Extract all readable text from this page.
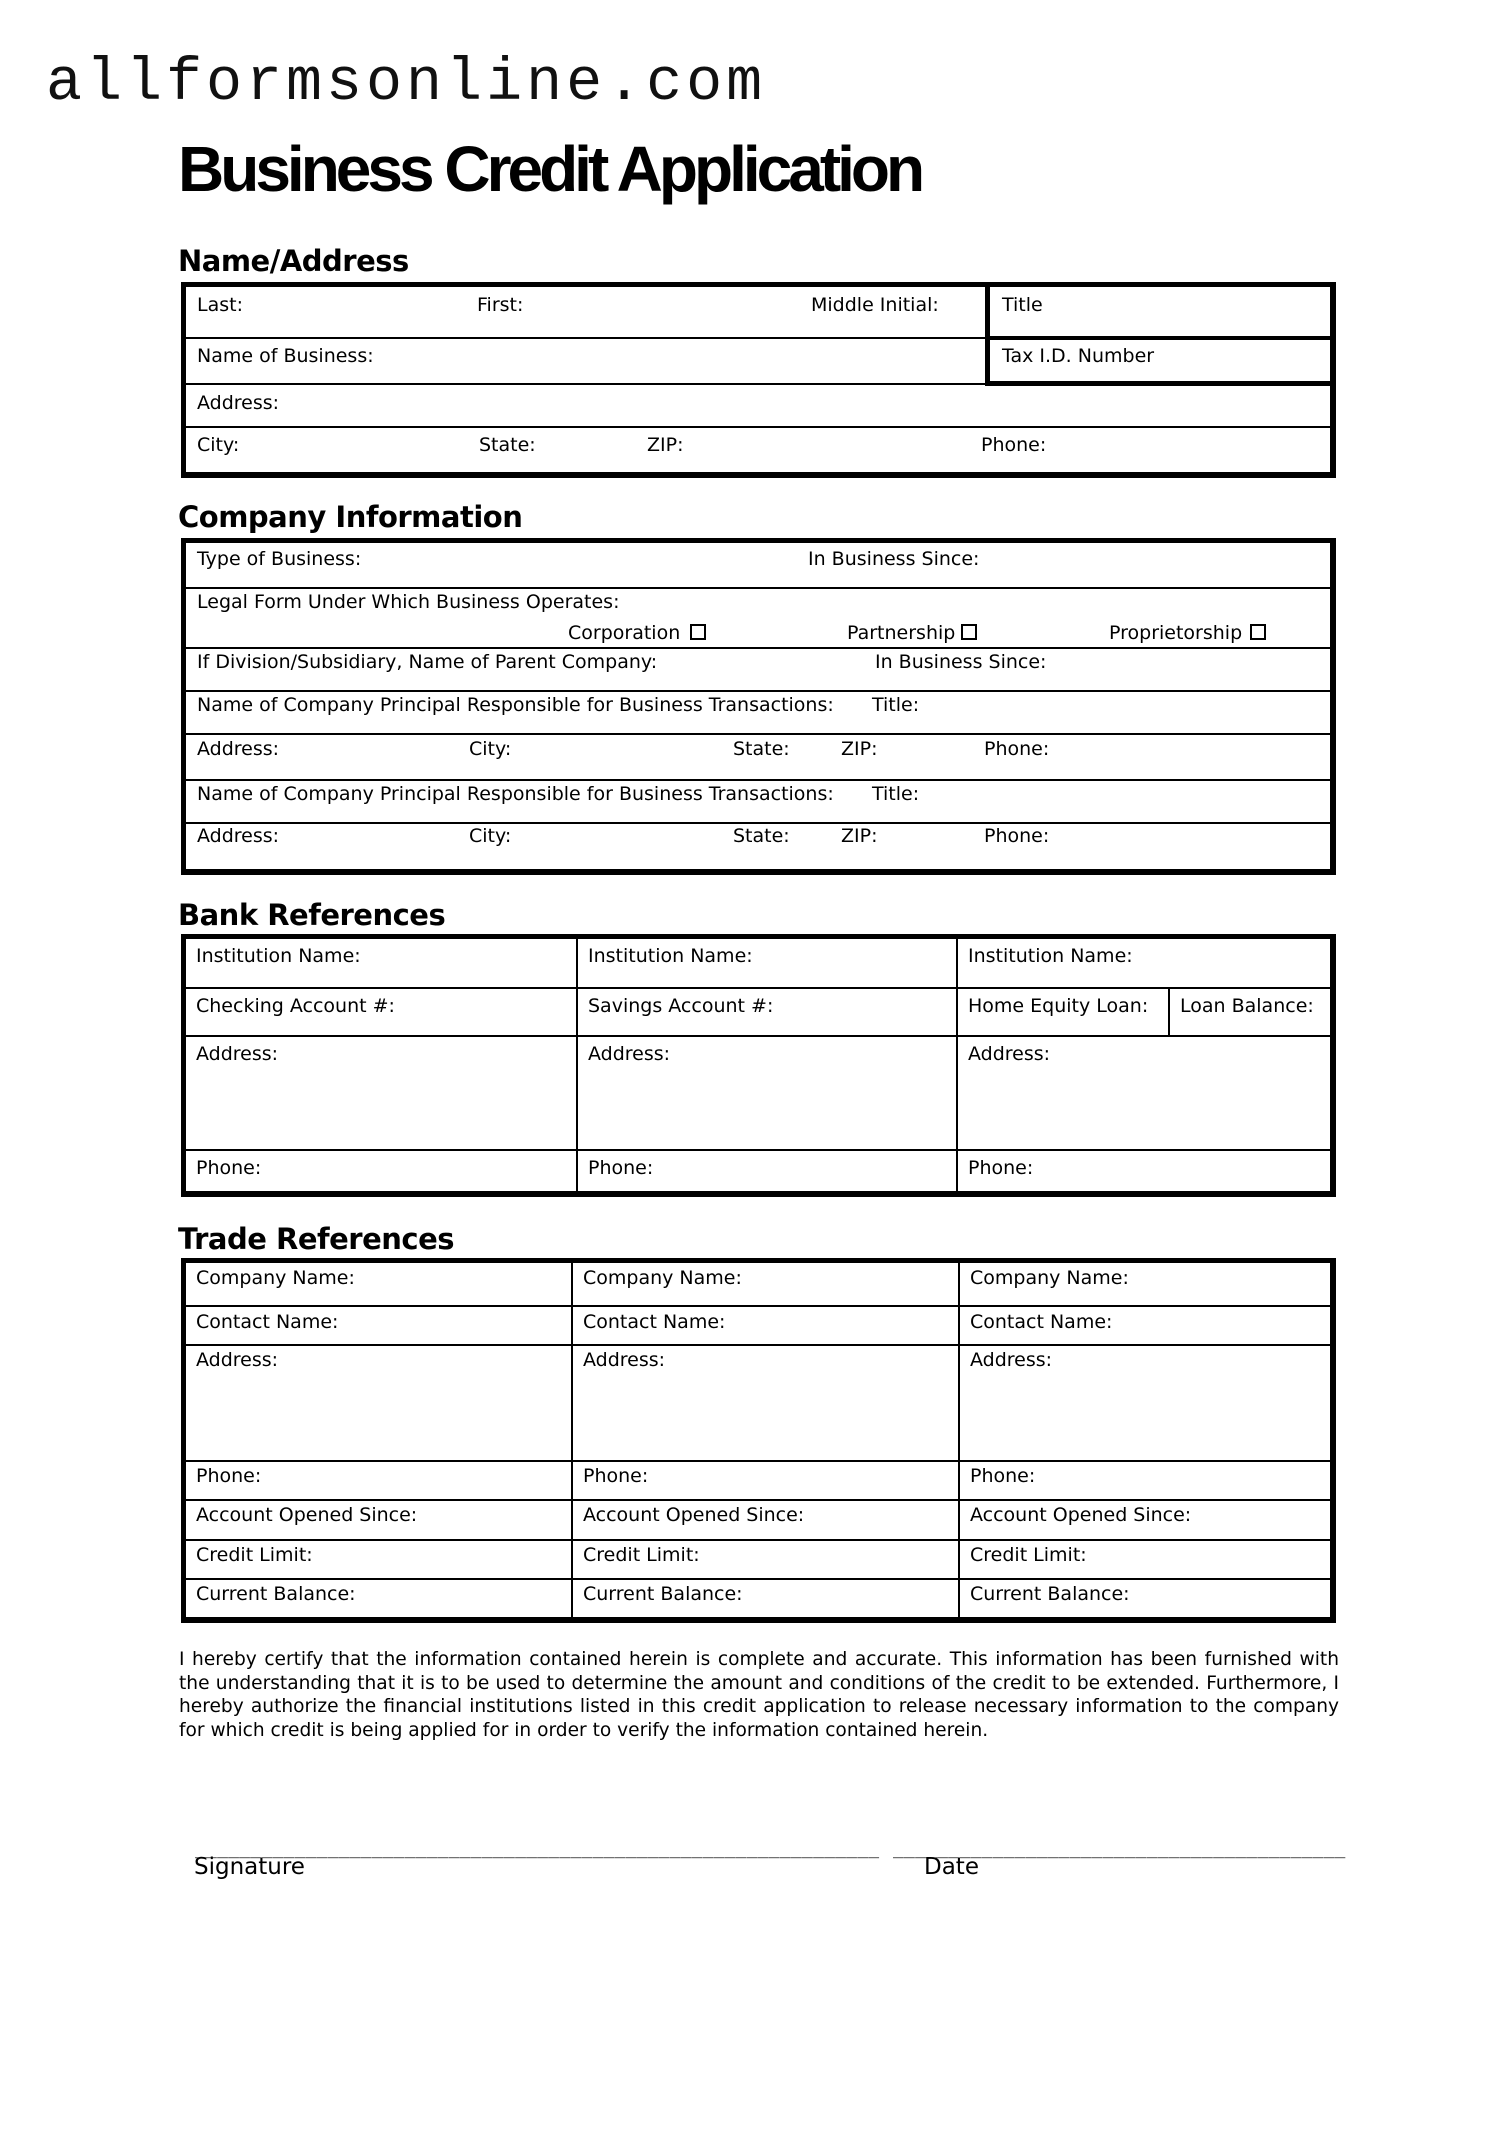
allformsonline.com
Business Credit Application
Name/Address
Last:	First:	Middle Initial:	Title
Name of Business:	Tax I.D. Number
Address:
City:	State:	ZIP:	Phone:
Company Information
Type of Business:	In Business Since:
Legal Form Under Which Business Operates:
Corporation	Partnership	Proprietorship
If Division/Subsidiary, Name of Parent Company:	In Business Since:
Name of Company Principal Responsible for Business Transactions: Title:
Address:	City:	State:	ZIP:	Phone:
Name of Company Principal Responsible for Business Transactions: Title:
Address:	City:	State:	ZIP:	Phone:
Bank References
Institution Name:	Institution Name:	Institution Name:
Checking Account #:	Savings Account #:	Home Equity Loan: Loan Balance:
Address:	Address:	Address:
Phone:	Phone:	Phone:
Trade References
Company Name:	Company Name:	Company Name:
Contact Name:	Contact Name:	Contact Name:
Address:	Address:	Address:
Phone:	Phone:	Phone:
Account Opened Since:	Account Opened Since:	Account Opened Since:
Credit Limit:	Credit Limit:	Credit Limit:
Current Balance:	Current Balance:	Current Balance:
I hereby certify that the information contained herein is complete and accurate. This information has been furnished with the understanding that it is to be used to determine the amount and conditions of the credit to be extended. Furthermore, I hereby authorize the financial institutions listed in this credit application to release necessary information to the company for which credit is being applied for in order to verify the information contained herein.
______________________________________________________________ _________________________________________
Signature	Date
